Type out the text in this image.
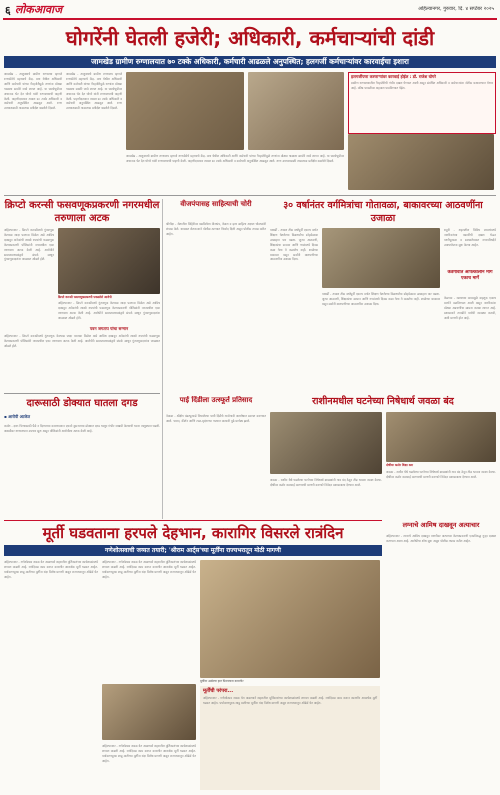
६ लोकआवाज	अहिल्यानगर, गुरुवार, दि. ४ सप्टेंबर २०२५
घोगरेंनी घेतली हजेरी; अधिकारी, कर्मचाऱ्यांची दांडी
जामखेड ग्रामीण रुग्णालयात ७० टक्के अधिकारी, कर्मचारी आढळले अनुपस्थित; हलगर्जी कर्मचाऱ्यांवर कारवाईचा इशारा
जामखेड - तालुक्याचे ग्रामीण रुग्णालय म्हणजे रुग्णसेवेचे महत्त्वाचे केंद्र. मात्र येथील अधिकारी आणि कर्मचारी यांच्या गैरहजेरीमुळे रुग्णांना मोठ्या त्रासाला सामोरे जावे लागत आहे. या पार्श्वभूमीवर अचानक भेट देत घोगरे यांनी रुग्णालयाची पाहणी केली. पाहणीदरम्यान तब्बल ७० टक्के अधिकारी व कर्मचारी अनुपस्थित आढळून आले. रुग्ण उपचारासाठी तासन्तास प्रतीक्षेत बसलेले दिसले.
जामखेड - तालुक्याचे ग्रामीण रुग्णालय म्हणजे रुग्णसेवेचे महत्त्वाचे केंद्र. मात्र येथील अधिकारी आणि कर्मचारी यांच्या गैरहजेरीमुळे रुग्णांना मोठ्या त्रासाला सामोरे जावे लागत आहे. या पार्श्वभूमीवर अचानक भेट देत घोगरे यांनी रुग्णालयाची पाहणी केली. पाहणीदरम्यान तब्बल ७० टक्के अधिकारी व कर्मचारी अनुपस्थित आढळून आले. रुग्ण उपचारासाठी तासन्तास प्रतीक्षेत बसलेले दिसले.
हलगर्जीपणा करणाऱ्यांवर कारवाई होईल : डॉ. राजेश घोगरे
ग्रामीण रुग्णालयातील गैरहजेरीची गंभीर दखल घेण्यात आली असून संबंधित अधिकारी व कर्मचाऱ्यांना नोटीस बजावण्यात येणार आहे. वरिष्ठ पातळीवर अहवाल पाठविण्यात येईल.
जामखेड - तालुक्याचे ग्रामीण रुग्णालय म्हणजे रुग्णसेवेचे महत्त्वाचे केंद्र. मात्र येथील अधिकारी आणि कर्मचारी यांच्या गैरहजेरीमुळे रुग्णांना मोठ्या त्रासाला सामोरे जावे लागत आहे. या पार्श्वभूमीवर अचानक भेट देत घोगरे यांनी रुग्णालयाची पाहणी केली. पाहणीदरम्यान तब्बल ७० टक्के अधिकारी व कर्मचारी अनुपस्थित आढळून आले. रुग्ण उपचारासाठी तासन्तास प्रतीक्षेत बसलेले दिसले.
क्रिप्टो करन्सी फसवणूकप्रकरणी नगरमधील तरुणाला अटक
अहिल्यानगर - क्रिप्टो करन्सीमध्ये गुंतवणूक केल्यास जादा परतावा मिळेल असे आमिष दाखवून अनेकांची लाखो रुपयांची फसवणूक केल्याप्रकरणी पोलिसांनी नगरमधील एका तरुणाला अटक केली आहे. आरोपीने समाजमाध्यमांद्वारे संपर्क साधून गुंतवणूकदारांना जाळ्यात ओढले होते.
क्रिप्टो करन्सी फसवणूकप्रकरणी पकडलेले आरोपी
अहिल्यानगर - क्रिप्टो करन्सीमध्ये गुंतवणूक केल्यास जादा परतावा मिळेल असे आमिष दाखवून अनेकांची लाखो रुपयांची फसवणूक केल्याप्रकरणी पोलिसांनी नगरमधील एका तरुणाला अटक केली आहे. आरोपीने समाजमाध्यमांद्वारे संपर्क साधून गुंतवणूकदारांना जाळ्यात ओढले होते.
पवन जगताप यांचा सन्मान
अहिल्यानगर - क्रिप्टो करन्सीमध्ये गुंतवणूक केल्यास जादा परतावा मिळेल असे आमिष दाखवून अनेकांची लाखो रुपयांची फसवणूक केल्याप्रकरणी पोलिसांनी नगरमधील एका तरुणाला अटक केली आहे. आरोपीने समाजमाध्यमांद्वारे संपर्क साधून गुंतवणूकदारांना जाळ्यात ओढले होते.
दारूसाठी डोक्यात घातला दगड
▪ आरोपी अटकेत
कर्जत - दारू पिण्यासाठी पैसे न दिल्याच्या कारणावरून एकाने दुसऱ्याच्या डोक्यात दगड घालून गंभीर जखमी केल्याची घटना तालुक्यात घडली. जखमीवर रुग्णालयात उपचार सुरू असून पोलिसांनी आरोपीला अटक केली आहे.
वीजपंपासह साहित्याची चोरी
श्रीगोंदा - शेतातील विहिरीवर बसविलेला वीजपंप, केबल व इतर साहित्य अज्ञात चोरट्यांनी लंपास केले. याबाबत शेतकऱ्याने पोलीस ठाण्यात फिर्याद दिली असून पोलीस तपास करीत आहेत.
३० वर्षानंतर वर्गमित्रांचा गोतावळा, बाकावरच्या आठवणींना उजाळा
पाथर्डी - तब्बल तीस वर्षांपूर्वी एकाच वर्गात शिक्षण घेतलेल्या विद्यार्थ्यांचा स्नेहमेळावा उत्साहात पार पडला. जुन्या आठवणी, शिक्षकांचा सन्मान आणि गप्पांमध्ये दिवस कसा गेला ते कळलेच नाही. शाळेच्या बाकावर बसून सर्वांनी बालपणीच्या आठवणींना उजाळा दिला.
पाथर्डी - तब्बल तीस वर्षांपूर्वी एकाच वर्गात शिक्षण घेतलेल्या विद्यार्थ्यांचा स्नेहमेळावा उत्साहात पार पडला. जुन्या आठवणी, शिक्षकांचा सन्मान आणि गप्पांमध्ये दिवस कसा गेला ते कळलेच नाही. शाळेच्या बाकावर बसून सर्वांनी बालपणीच्या आठवणींना उजाळा दिला.
पाई दिंडीला उत्स्फूर्त प्रतिसाद
नेवासा - श्रीक्षेत्र पंढरपूरकडे निघालेल्या पायी दिंडीचे गावोगावी जल्लोषात स्वागत करण्यात आले. भजन, कीर्तन आणि टाळ-मृदंगाच्या गजरात वारकरी पुढे मार्गस्थ झाले.
राशीनमधील घटनेच्या निषेधार्थ जवळा बंद
जवळा - राशीन येथे घडलेल्या घटनेच्या निषेधार्थ ग्रामस्थांनी गाव बंद ठेवून तीव्र भावना व्यक्त केल्या. दोषींवर कठोर कारवाई करण्याची मागणी करणारे निवेदन प्रशासनाला देण्यात आले.
राहुरी - शहरातील विविध प्रभागांमध्ये नागरिकांच्या तक्रारींची दखल घेऊन पाणीपुरवठा व स्वच्छतेबाबत नगरपरिषदेने उपाययोजना सुरू केल्या आहेत.
केडगावात आपत्कालीन मार्ग एकाच मार्गे
केडगाव - रस्त्याच्या कामामुळे वाहतूक एकाच मार्गाने वळविण्यात आली असून नागरिकांना मोठ्या अडचणींचा सामना करावा लागत आहे. प्रशासनाने तातडीने पर्यायी व्यवस्था करावी, अशी मागणी होत आहे.
दोषींवर कठोर शिक्षा करा
जवळा - राशीन येथे घडलेल्या घटनेच्या निषेधार्थ ग्रामस्थांनी गाव बंद ठेवून तीव्र भावना व्यक्त केल्या. दोषींवर कठोर कारवाई करण्याची मागणी करणारे निवेदन प्रशासनाला देण्यात आले.
लग्नाचे आमिष दाखवून अत्याचार
अहिल्यानगर - लग्नाचे आमिष दाखवून तरुणीवर अत्याचार केल्याप्रकरणी एकाविरुद्ध गुन्हा दाखल करण्यात आला आहे. आरोपीचा शोध सुरू असून पोलीस तपास करीत आहेत.
मूर्ती घडवताना हरपले देहभान, कारागिर विसरले रात्रंदिन
गणेशोत्सवाची जय्यत तयारी; 'श्रीराम आर्ट्स'च्या मूर्तींना राज्यभरातून मोठी मागणी
अहिल्यानगर - गणेशोत्सव जवळ येत असल्याने शहरातील मूर्तिकारांच्या कार्यशाळांमध्ये लगबग वाढली आहे. रात्रंदिवस काम करून कारागीर आकर्षक मूर्ती घडवत आहेत. पर्यावरणपूरक शाडू मातीच्या मूर्तींना यंदा विशेष मागणी असून राज्यभरातून ऑर्डर्स येत आहेत.
अहिल्यानगर - गणेशोत्सव जवळ येत असल्याने शहरातील मूर्तिकारांच्या कार्यशाळांमध्ये लगबग वाढली आहे. रात्रंदिवस काम करून कारागीर आकर्षक मूर्ती घडवत आहेत. पर्यावरणपूरक शाडू मातीच्या मूर्तींना यंदा विशेष मागणी असून राज्यभरातून ऑर्डर्स येत आहेत.
मूर्तींवर अखेरचा हात फिरवताना कारागीर
अहिल्यानगर - गणेशोत्सव जवळ येत असल्याने शहरातील मूर्तिकारांच्या कार्यशाळांमध्ये लगबग वाढली आहे. रात्रंदिवस काम करून कारागीर आकर्षक मूर्ती घडवत आहेत. पर्यावरणपूरक शाडू मातीच्या मूर्तींना यंदा विशेष मागणी असून राज्यभरातून ऑर्डर्स येत आहेत.
मूर्तींची परंपरा...
अहिल्यानगर - गणेशोत्सव जवळ येत असल्याने शहरातील मूर्तिकारांच्या कार्यशाळांमध्ये लगबग वाढली आहे. रात्रंदिवस काम करून कारागीर आकर्षक मूर्ती घडवत आहेत. पर्यावरणपूरक शाडू मातीच्या मूर्तींना यंदा विशेष मागणी असून राज्यभरातून ऑर्डर्स येत आहेत.
